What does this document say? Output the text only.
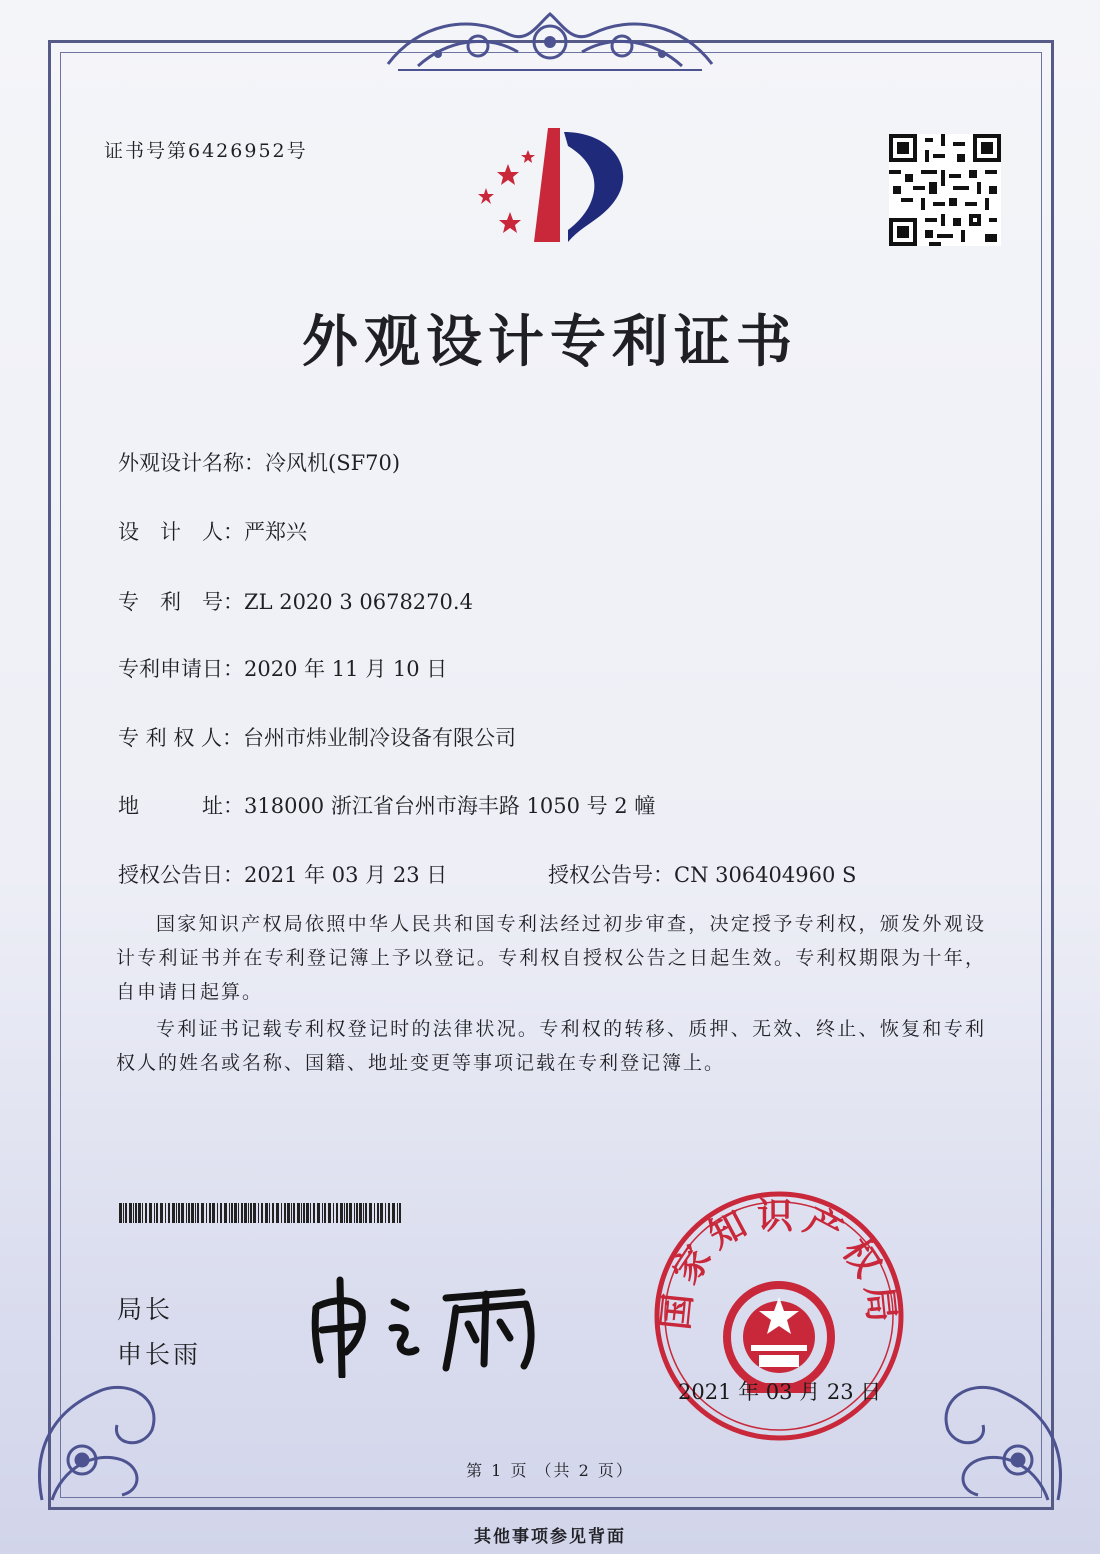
证书号第6426952号
外观设计专利证书
外观设计名称：冷风机(SF70)
设　计　人：严郑兴
专　利　号：ZL 2020 3 0678270.4
专利申请日：2020 年 11 月 10 日
专 利 权 人：台州市炜业制冷设备有限公司
地　　　址：318000 浙江省台州市海丰路 1050 号 2 幢
授权公告日：2021 年 03 月 23 日	授权公告号：CN 306404960 S
国家知识产权局依照中华人民共和国专利法经过初步审查，决定授予专利权，颁发外观设计专利证书并在专利登记簿上予以登记。专利权自授权公告之日起生效。专利权期限为十年，自申请日起算。
专利证书记载专利权登记时的法律状况。专利权的转移、质押、无效、终止、恢复和专利权人的姓名或名称、国籍、地址变更等事项记载在专利登记簿上。
局长
申长雨
国家知识产权局
2021 年 03 月 23 日
第 1 页 （共 2 页）
其他事项参见背面
